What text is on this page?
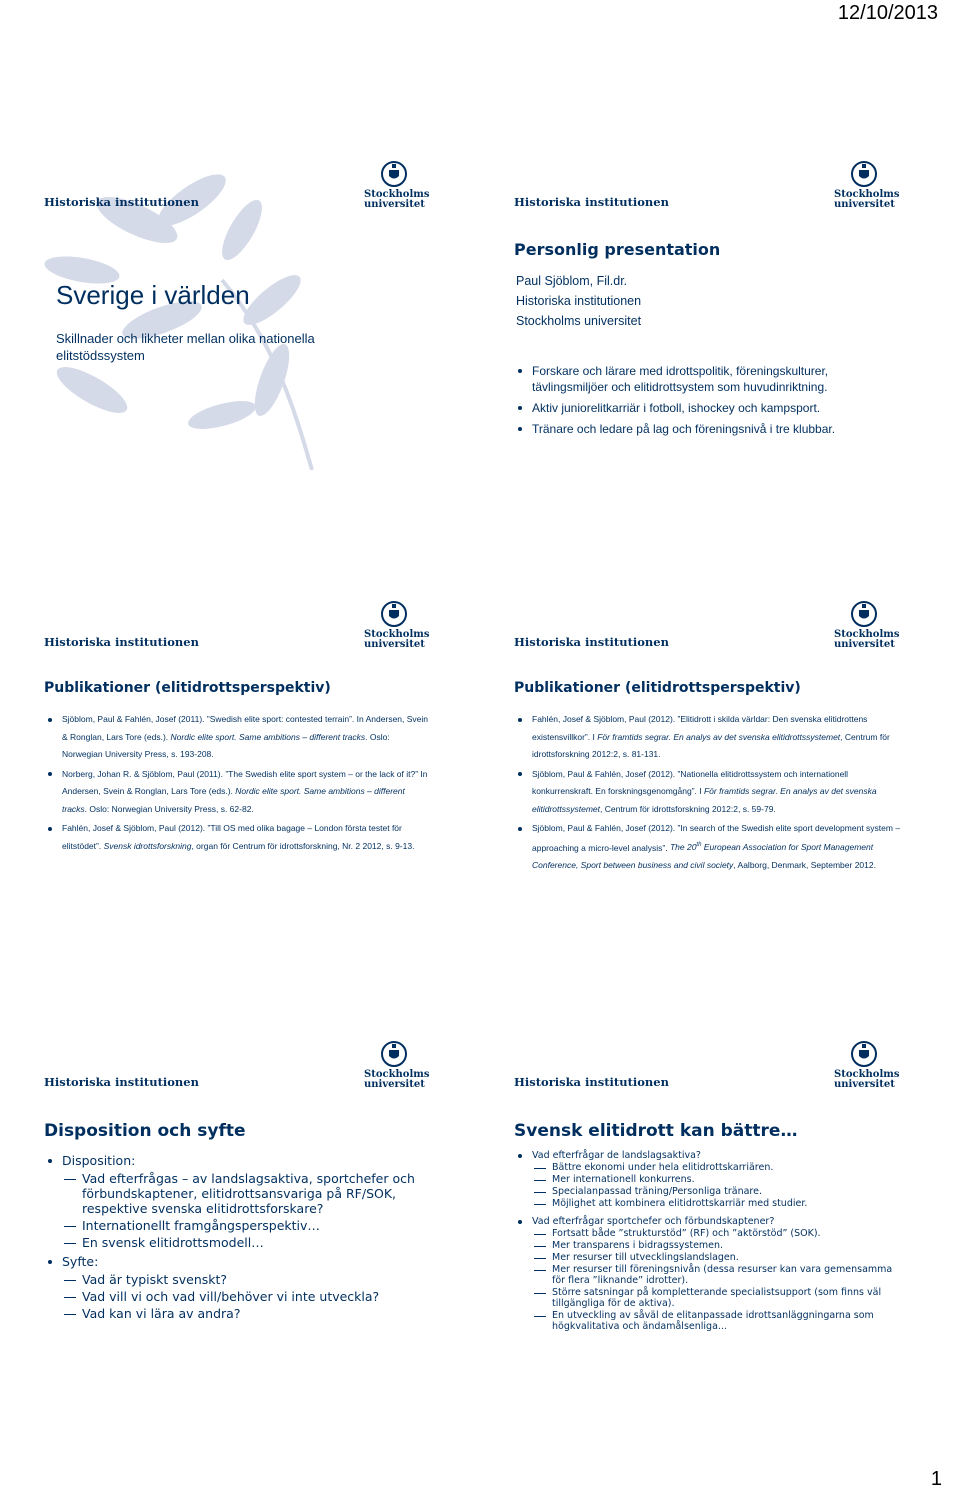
12/10/2013
1
Historiska institutionen
Stockholms
universitet
Sverige i världen
Skillnader och likheter mellan olika nationella elitstödssystem
Historiska institutionen
Stockholms
universitet
Personlig presentation
Paul Sjöblom, Fil.dr.
Historiska institutionen
Stockholms universitet
Forskare och lärare med idrottspolitik, föreningskulturer, tävlingsmiljöer och elitidrottsystem som huvudinriktning.
Aktiv juniorelitkarriär i fotboll, ishockey och kampsport.
Tränare och ledare på lag och föreningsnivå i tre klubbar.
Historiska institutionen
Stockholms
universitet
Publikationer (elitidrottsperspektiv)
Sjöblom, Paul & Fahlén, Josef (2011). ”Swedish elite sport: contested terrain”. In Andersen, Svein & Ronglan, Lars Tore (eds.). Nordic elite sport. Same ambitions – different tracks. Oslo: Norwegian University Press, s. 193-208.
Norberg, Johan R. & Sjöblom, Paul (2011). ”The Swedish elite sport system – or the lack of it?” In Andersen, Svein & Ronglan, Lars Tore (eds.). Nordic elite sport. Same ambitions – different tracks. Oslo: Norwegian University Press, s. 62-82.
Fahlén, Josef & Sjöblom, Paul (2012). ”Till OS med olika bagage – London första testet för elitstödet”. Svensk idrottsforskning, organ för Centrum för idrottsforskning, Nr. 2 2012, s. 9-13.
Historiska institutionen
Stockholms
universitet
Publikationer (elitidrottsperspektiv)
Fahlén, Josef & Sjöblom, Paul (2012). ”Elitidrott i skilda världar: Den svenska elitidrottens existensvillkor”. I För framtids segrar. En analys av det svenska elitidrottssystemet, Centrum för idrottsforskning 2012:2, s. 81-131.
Sjöblom, Paul & Fahlén, Josef (2012). ”Nationella elitidrottssystem och internationell konkurrenskraft. En forskningsgenomgång”. I För framtids segrar. En analys av det svenska elitidrottssystemet, Centrum för idrottsforskning 2012:2, s. 59-79.
Sjöblom, Paul & Fahlén, Josef (2012). ”In search of the Swedish elite sport development system – approaching a micro-level analysis”. The 20th European Association for Sport Management Conference, Sport between business and civil society, Aalborg, Denmark, September 2012.
Historiska institutionen
Stockholms
universitet
Disposition och syfte
Disposition:
Vad efterfrågas – av landslagsaktiva, sportchefer och förbundskaptener, elitidrottsansvariga på RF/SOK, respektive svenska elitidrottsforskare?
Internationellt framgångsperspektiv…
En svensk elitidrottsmodell…
Syfte:
Vad är typiskt svenskt?
Vad vill vi och vad vill/behöver vi inte utveckla?
Vad kan vi lära av andra?
Historiska institutionen
Stockholms
universitet
Svensk elitidrott kan bättre…
Vad efterfrågar de landslagsaktiva?
Bättre ekonomi under hela elitidrottskarriären.
Mer internationell konkurrens.
Specialanpassad träning/Personliga tränare.
Möjlighet att kombinera elitidrottskarriär med studier.
Vad efterfrågar sportchefer och förbundskaptener?
Fortsatt både ”strukturstöd” (RF) och ”aktörstöd” (SOK).
Mer transparens i bidragssystemen.
Mer resurser till utvecklingslandslagen.
Mer resurser till föreningsnivån (dessa resurser kan vara gemensamma för flera ”liknande” idrotter).
Större satsningar på kompletterande specialistsupport (som finns väl tillgängliga för de aktiva).
En utveckling av såväl de elitanpassade idrottsanläggningarna som högkvalitativa och ändamålsenliga...
